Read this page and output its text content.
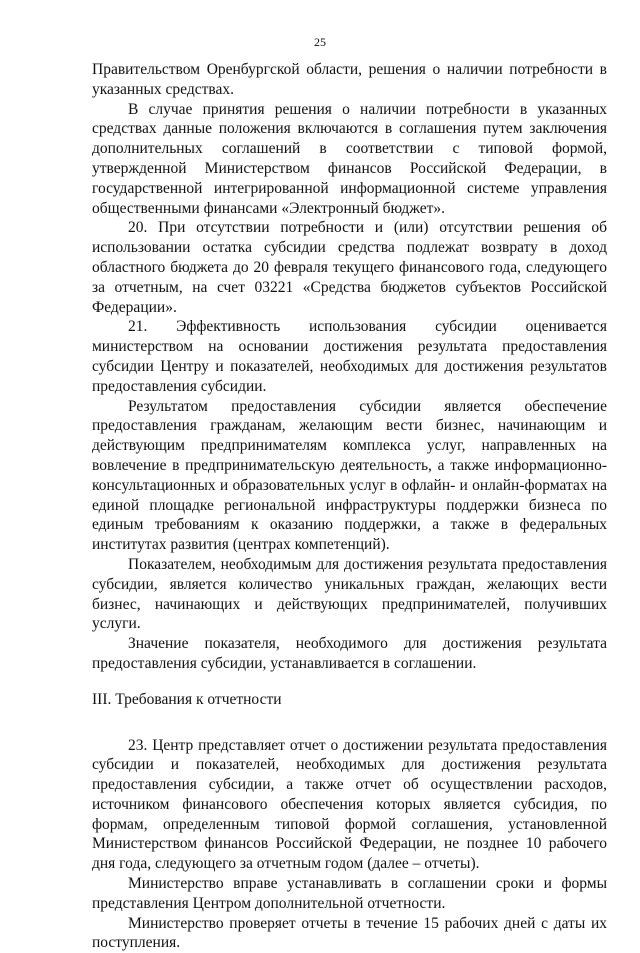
25

Правительством Оренбургской области, решения о наличии потребности в указанных средствах.

В случае принятия решения о наличии потребности в указанных средствах данные положения включаются в соглашения путем заключения дополнительных соглашений в соответствии с типовой формой, утвержденной Министерством финансов Российской Федерации, в государственной интегрированной информационной системе управления общественными финансами «Электронный бюджет».

20. При отсутствии потребности и (или) отсутствии решения об использовании остатка субсидии средства подлежат возврату в доход областного бюджета до 20 февраля текущего финансового года, следующего за отчетным, на счет 03221 «Средства бюджетов субъектов Российской Федерации».

21. Эффективность использования субсидии оценивается министерством на основании достижения результата предоставления субсидии Центру и показателей, необходимых для достижения результатов предоставления субсидии.

Результатом предоставления субсидии является обеспечение предоставления гражданам, желающим вести бизнес, начинающим и действующим предпринимателям комплекса услуг, направленных на вовлечение в предпринимательскую деятельность, а также информационно-консультационных и образовательных услуг в офлайн- и онлайн-форматах на единой площадке региональной инфраструктуры поддержки бизнеса по единым требованиям к оказанию поддержки, а также в федеральных институтах развития (центрах компетенций).

Показателем, необходимым для достижения результата предоставления субсидии, является количество уникальных граждан, желающих вести бизнес, начинающих и действующих предпринимателей, получивших услуги.

Значение показателя, необходимого для достижения результата предоставления субсидии, устанавливается в соглашении.

III. Требования к отчетности

23. Центр представляет отчет о достижении результата предоставления субсидии и показателей, необходимых для достижения результата предоставления субсидии, а также отчет об осуществлении расходов, источником финансового обеспечения которых является субсидия, по формам, определенным типовой формой соглашения, установленной Министерством финансов Российской Федерации, не позднее 10 рабочего дня года, следующего за отчетным годом (далее – отчеты).

Министерство вправе устанавливать в соглашении сроки и формы представления Центром дополнительной отчетности.

Министерство проверяет отчеты в течение 15 рабочих дней с даты их поступления.
